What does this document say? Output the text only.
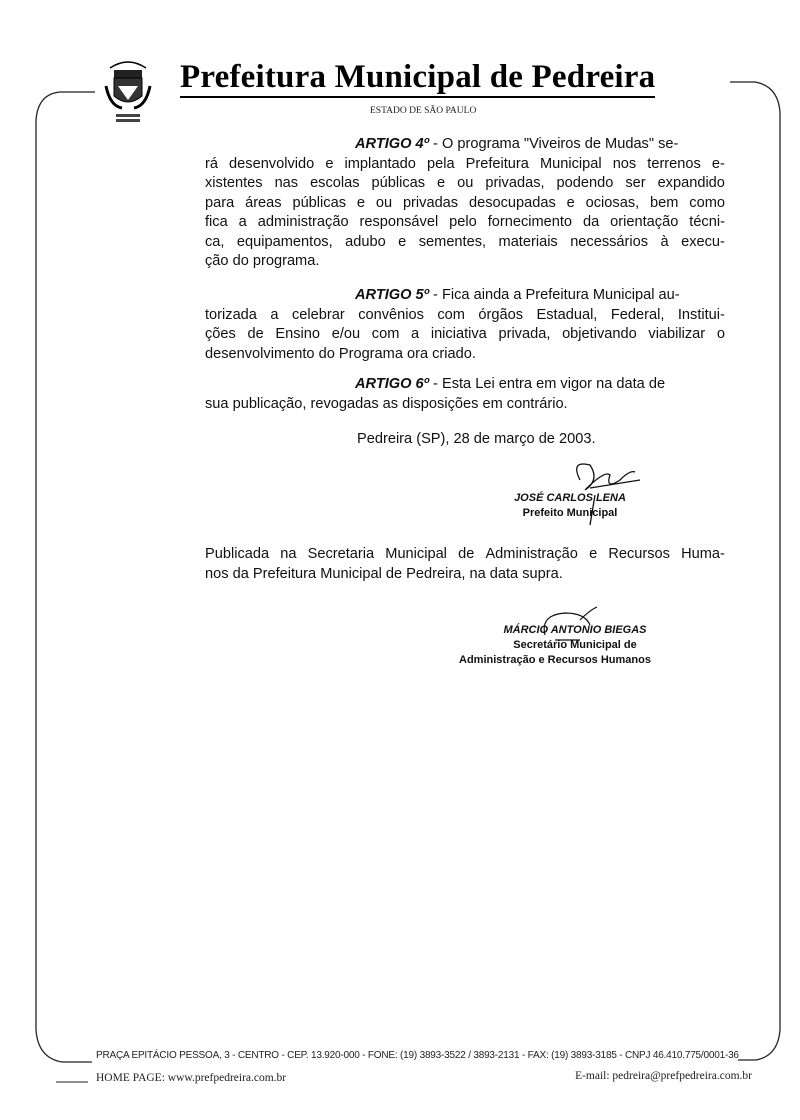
Prefeitura Municipal de Pedreira
ESTADO DE SÃO PAULO
ARTIGO 4º - O programa "Viveiros de Mudas" se-
rá desenvolvido e implantado pela Prefeitura Municipal nos terrenos e-
xistentes nas escolas públicas e ou privadas, podendo ser expandido
para áreas públicas e ou privadas desocupadas e ociosas, bem como
fica a administração responsável pelo fornecimento da orientação técni-
ca, equipamentos, adubo e sementes, materiais necessários à execu-
ção do programa.
ARTIGO 5º - Fica ainda a Prefeitura Municipal au-
torizada a celebrar convênios com órgãos Estadual, Federal, Institui-
ções de Ensino e/ou com a iniciativa privada, objetivando viabilizar o
desenvolvimento do Programa ora criado.
ARTIGO 6º - Esta Lei entra em vigor na data de
sua publicação, revogadas as disposições em contrário.
Pedreira (SP), 28 de março de 2003.
JOSÉ CARLOS LENA
Prefeito Municipal
Publicada na Secretaria Municipal de Administração e Recursos Huma-
nos da Prefeitura Municipal de Pedreira, na data supra.
MÁRCIO ANTONIO BIEGAS
Secretário Municipal de
Administração e Recursos Humanos
PRAÇA EPITÁCIO PESSOA, 3 - CENTRO - CEP. 13.920-000 - FONE: (19) 3893-3522 / 3893-2131 - FAX: (19) 3893-3185 - CNPJ 46.410.775/0001-36
HOME PAGE: www.prefpedreira.com.br	E-mail: pedreira@prefpedreira.com.br
